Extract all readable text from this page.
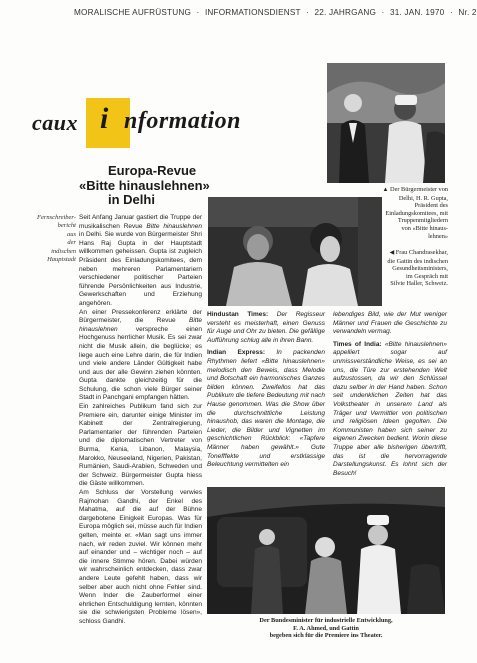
MORALISCHE AUFRÜSTUNG · INFORMATIONSDIENST · 22. JAHRGANG · 31. JAN. 1970 · Nr. 2
caux i nformation
Europa-Revue
«Bitte hinauslehnen»
in Delhi
Fernschreiber-
bericht
aus
der
indischen
Hauptstadt

Seit Anfang Januar gastiert die Truppe der musikalischen Revue Bitte hinauslehnen in Delhi. Sie wurde von Bürgermeister Shri Hans Raj Gupta in der Hauptstadt willkommen geheissen. Gupta ist zugleich Präsident des Einladungskomitees, dem neben mehreren Parlamentariern verschiedener politischer Parteien führende Persönlichkeiten aus Industrie, Gewerkschaften und Erziehung angehören.

An einer Pressekonferenz erklärte der Bürgermeister, die Revue Bitte hinauslehnen	verspreche einen Hochgenuss herrlicher Musik. Es sei zwar nicht die Musik allein, die beglücke; es liege auch eine Lehre darin, die für Indien und viele andere Länder Gültigkeit habe und aus der alle Gewinn ziehen könnten. Gupta dankte gleichzeitig für die Schulung, die schon viele Bürger seiner Stadt in Panchgani empfangen hätten.

Ein zahlreiches Publikum fand sich zur Premiere ein, darunter einige Minister im Kabinett der Zentralregierung, Parlamentarier der führenden Parteien und die diplomatischen Vertreter von Burma, Kenia, Libanon, Malaysia, Marokko, Neuseeland, Nigerien, Pakistan, Rumänien, Saudi-Arabien, Schweden und der Schweiz. Bürgermeister Gupta hiess die Gäste willkommen.

Am Schluss der Vorstellung verwies Rajmohan Gandhi, der Enkel des Mahatma, auf die auf der Bühne dargebotene Einigkeit Europas. Was für Europa möglich sei, müsse auch für Indien gelten, meinte er. «Man sagt uns immer nach, wir reden zuviel. Wir können mehr auf einander und – wichtiger noch – auf die innere Stimme hören. Dabei würden wir wahrscheinlich entdecken, dass zwar andere Leute gefehlt haben, dass wir selber aber auch nicht ohne Fehler sind. Wenn Inder die Zauberformel einer ehrlichen Entschuldigung lernten, könnten sie die schwierigsten Probleme lösen», schloss Gandhi.

▲ Der Bürgermeister von
Delhi, H. R. Gupta,
Präsident des
Einladungskomitees, mit
Truppenmitgliedern
von «Bitte hinaus-
lehnen»
◀ Frau Chandrasekhar,
die Gattin des indischen
Gesundheitsministers,
im Gespräch mit
Silvie Haller, Schweiz.

Hindustan Times: Der Regisseur versteht es meisterhaft, einen Genuss für Auge und Ohr zu bieten. Die gefällige Aufführung schlug alle in ihren Bann.

Indian Express: In packenden Rhythmen liefert «Bitte hinauslehnen» melodisch den Beweis, dass Melodie und Botschaft ein harmonisches Ganzes bilden können. Zweifellos hat das Publikum die tiefere Bedeutung mit nach Hause genommen. Was die Show über die durchschnittliche Leistung hinaushob, das waren die Montage, die Lieder, die Bilder und Vignetten im geschichtlichen Rückblick: «Tapfere Männer haben gewählt.» Gute Tonefffekte und erstklassige Beleuchtung vermittelten ein

lebendiges Bild, wie der Mut weniger Männer und Frauen die Geschichte zu verwandeln vermag.

Times of India: «Bitte hinauslehnen» appelliert sogar auf unmissverständliche Weise, es sei an uns, die Türe zur erstehenden Welt aufzustossen, da wir den Schlüssel dazu selber in der Hand haben. Schon seit undenklichen Zeiten hat das Volkstheater in unserem Land als Träger und Vermittler von politischen und religiösen Ideen gegolten. Die Kommunisten haben sich seiner zu eigenen Zwecken bedient. Worin diese Truppe aber alle bisherigen übertrifft, das ist die hervorragende Darstellungskunst. Es lohnt sich der Besuch!

Der Bundesminister für industrielle Entwicklung,
F. A. Ahmed, und Gattin
begeben sich für die Premiere ins Theater.
